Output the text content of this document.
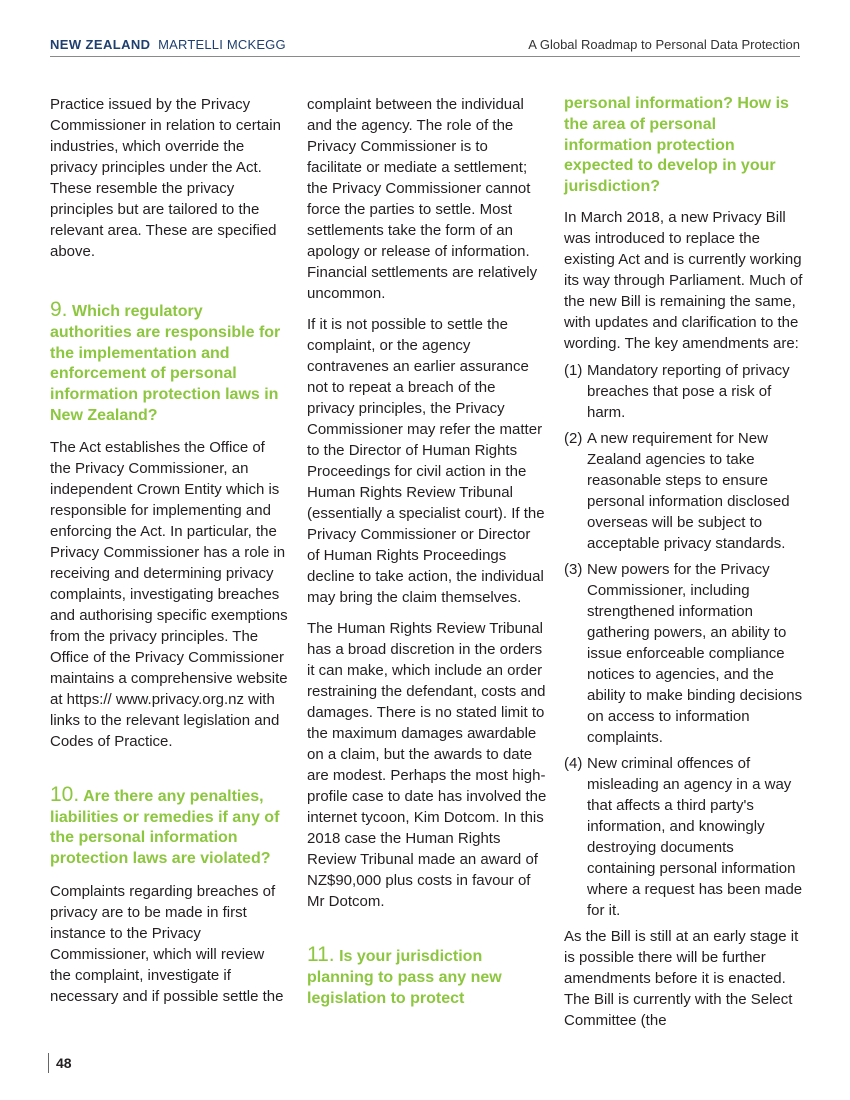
NEW ZEALAND MARTELLI MCKEGG	A Global Roadmap to Personal Data Protection

Practice issued by the Privacy Commissioner in relation to certain industries, which override the privacy principles under the Act. These resemble the privacy principles but are tailored to the relevant area. These are specified above.

9. Which regulatory authorities are responsible for the implementation and enforcement of personal information protection laws in New Zealand?

The Act establishes the Office of the Privacy Commissioner, an independent Crown Entity which is responsible for implementing and enforcing the Act. In particular, the Privacy Commissioner has a role in receiving and determining privacy complaints, investigating breaches and authorising specific exemptions from the privacy principles. The Office of the Privacy Commissioner maintains a comprehensive website at https:// www.privacy.org.nz with links to the relevant legislation and Codes of Practice.

10. Are there any penalties, liabilities or remedies if any of the personal information protection laws are violated?

Complaints regarding breaches of privacy are to be made in first instance to the Privacy Commissioner, which will review the complaint, investigate if necessary and if possible settle the

complaint between the individual and the agency. The role of the Privacy Commissioner is to facilitate or mediate a settlement; the Privacy Commissioner cannot force the parties to settle. Most settlements take the form of an apology or release of information. Financial settlements are relatively uncommon.

If it is not possible to settle the complaint, or the agency contravenes an earlier assurance not to repeat a breach of the privacy principles, the Privacy Commissioner may refer the matter to the Director of Human Rights Proceedings for civil action in the Human Rights Review Tribunal (essentially a specialist court). If the Privacy Commissioner or Director of Human Rights Proceedings decline to take action, the individual may bring the claim themselves.

The Human Rights Review Tribunal has a broad discretion in the orders it can make, which include an order restraining the defendant, costs and damages. There is no stated limit to the maximum damages awardable on a claim, but the awards to date are modest. Perhaps the most high-profile case to date has involved the internet tycoon, Kim Dotcom. In this 2018 case the Human Rights Review Tribunal made an award of NZ$90,000 plus costs in favour of Mr Dotcom.

11. Is your jurisdiction planning to pass any new legislation to protect

personal information? How is the area of personal information protection expected to develop in your jurisdiction?

In March 2018, a new Privacy Bill was introduced to replace the existing Act and is currently working its way through Parliament. Much of the new Bill is remaining the same, with updates and clarification to the wording. The key amendments are:

(1) Mandatory reporting of privacy breaches that pose a risk of harm.
(2) A new requirement for New Zealand agencies to take reasonable steps to ensure personal information disclosed overseas will be subject to acceptable privacy standards.
(3) New powers for the Privacy Commissioner, including strengthened information gathering powers, an ability to issue enforceable compliance notices to agencies, and the ability to make binding decisions on access to information complaints.
(4) New criminal offences of misleading an agency in a way that affects a third party's information, and knowingly destroying documents containing personal information where a request has been made for it.

As the Bill is still at an early stage it is possible there will be further amendments before it is enacted. The Bill is currently with the Select Committee (the

48
